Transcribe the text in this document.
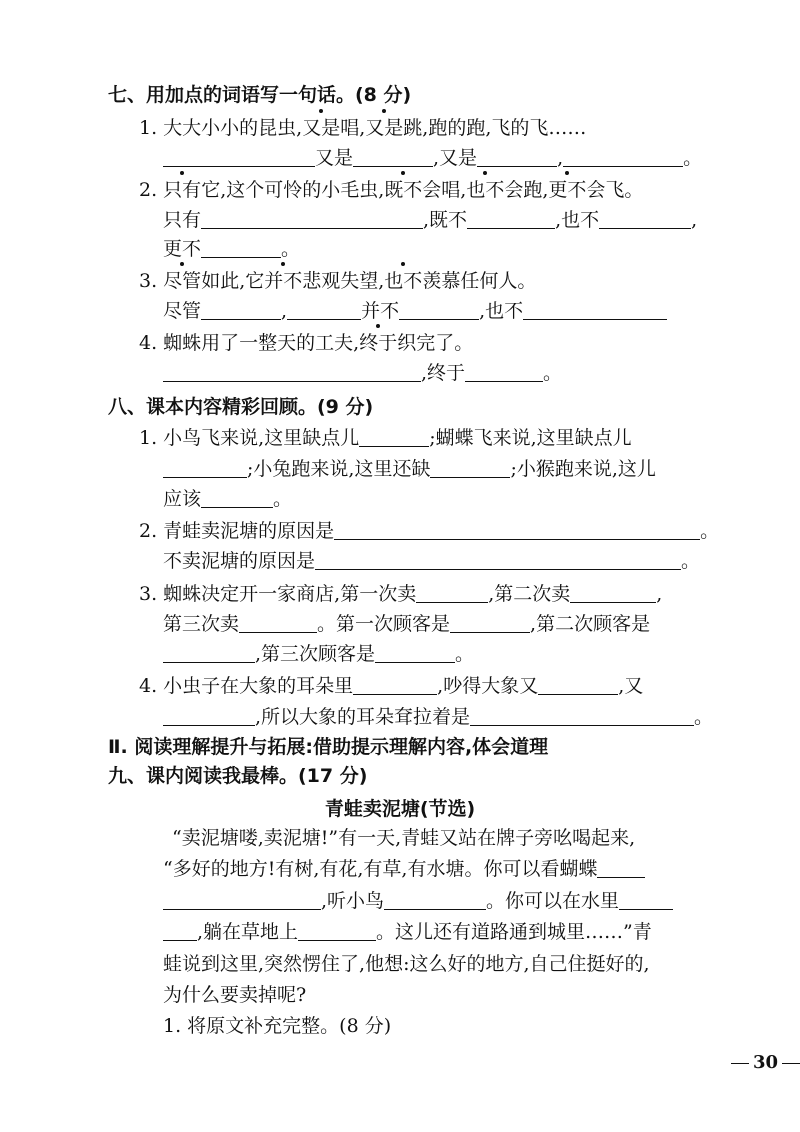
七、用加点的词语写一句话。(8 分)
1. 大大小小的昆虫,又是唱,又是跳,跑的跑,飞的飞……
又是	,又是	,	。
2. 只有它,这个可怜的小毛虫,既不会唱,也不会跑,更不会飞。
只有	,既不	,也不	,
更不	。
3. 尽管如此,它并不悲观失望,也不羡慕任何人。
尽管	,	并不	,也不
4. 蜘蛛用了一整天的工夫,终于织完了。
,终于	。
八、课本内容精彩回顾。(9 分)
1. 小鸟飞来说,这里缺点儿	;蝴蝶飞来说,这里缺点儿
;小兔跑来说,这里还缺	;小猴跑来说,这儿
应该	。
2. 青蛙卖泥塘的原因是	。
不卖泥塘的原因是	。
3. 蜘蛛决定开一家商店,第一次卖	,第二次卖	,
第三次卖	。第一次顾客是	,第二次顾客是
,第三次顾客是	。
4. 小虫子在大象的耳朵里	,吵得大象又	,又
,所以大象的耳朵耷拉着是	。
Ⅱ. 阅读理解提升与拓展:借助提示理解内容,体会道理
九、课内阅读我最棒。(17 分)
青蛙卖泥塘(节选)
“卖泥塘喽,卖泥塘!”有一天,青蛙又站在牌子旁吆喝起来,
“多好的地方!有树,有花,有草,有水塘。你可以看蝴蝶
,听小鸟	。你可以在水里
,躺在草地上	。这儿还有道路通到城里……”青
蛙说到这里,突然愣住了,他想:这么好的地方,自己住挺好的,
为什么要卖掉呢?
1. 将原文补充完整。(8 分)
30
